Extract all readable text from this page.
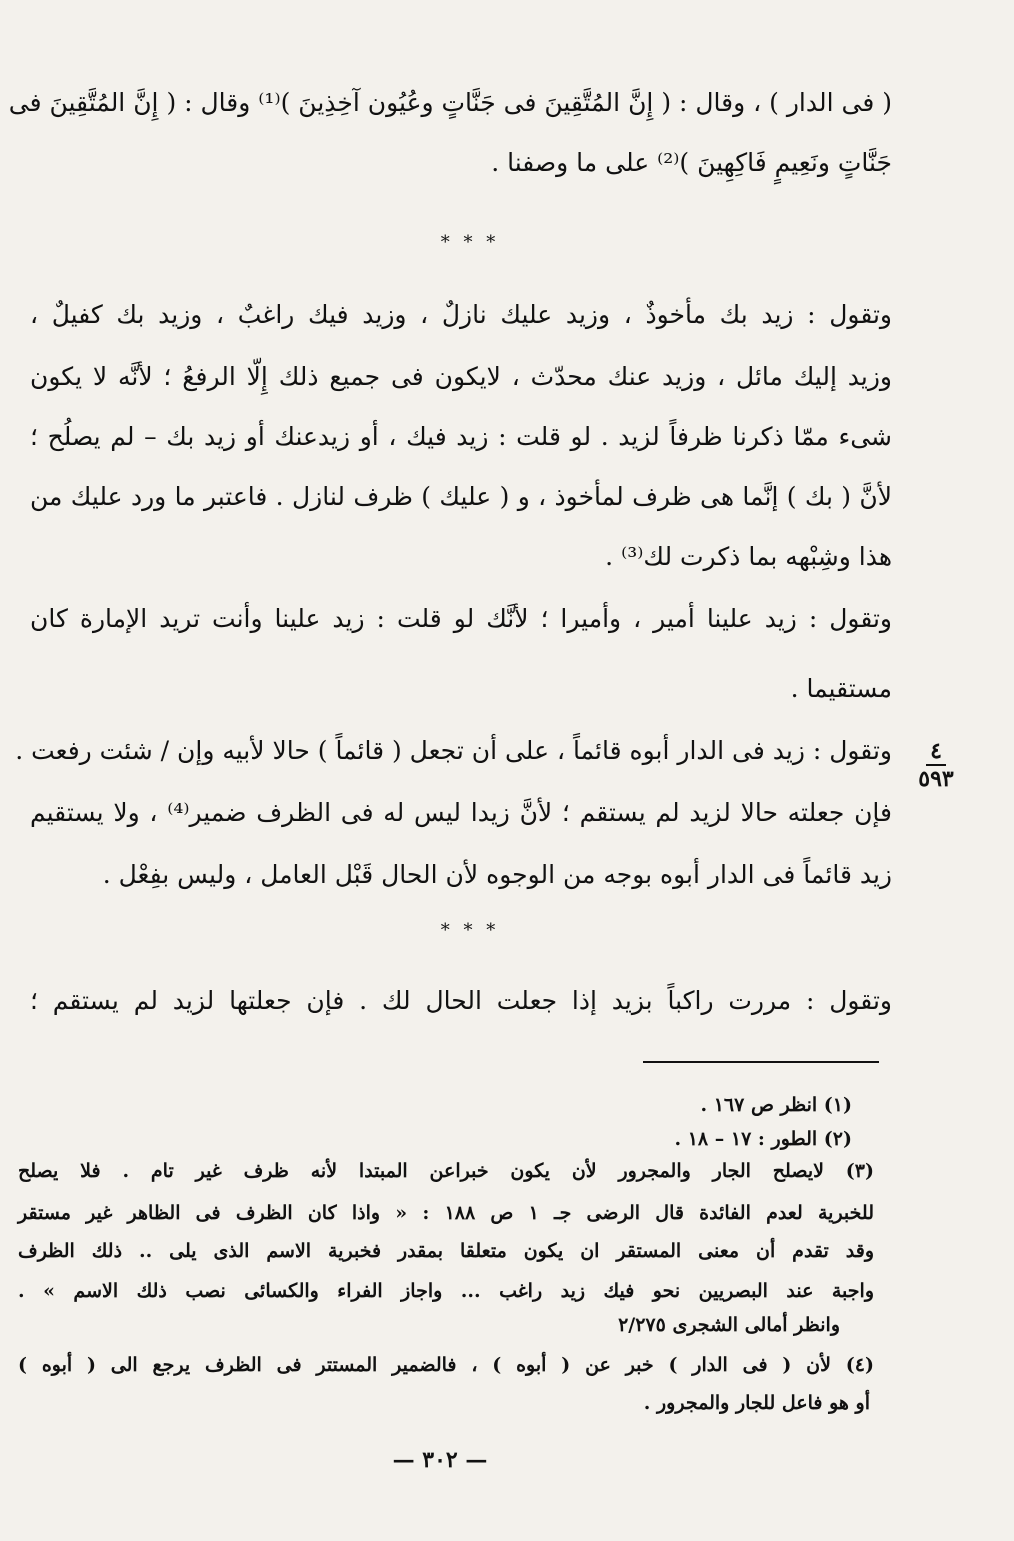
( فى الدار ) ، وقال : ( إِنَّ المُتَّقِينَ فى جَنَّاتٍ وعُيُون آخِذِينَ )⁽¹⁾ وقال : ( إِنَّ المُتَّقِينَ فى
جَنَّاتٍ ونَعِيمٍ فَاكِهِينَ )⁽²⁾ على ما وصفنا .
* * *
وتقول : زيد بك مأخوذٌ ، وزيد عليك نازلٌ ، وزيد فيك راغبٌ ، وزيد بك كفيلٌ ،
وزيد إليك مائل ، وزيد عنك محدّث ، لايكون فى جميع ذلك إِلّا الرفعُ ؛ لأنَّه لا يكون
شىء ممّا ذكرنا ظرفاً لزيد . لو قلت : زيد فيك ، أو زيدعنك أو زيد بك – لم يصلُح ؛
لأنَّ ( بك ) إنَّما هى ظرف لمأخوذ ، و ( عليك ) ظرف لنازل . فاعتبر ما ورد عليك من
هذا وشِبْهه بما ذكرت لك⁽³⁾ .
وتقول : زيد علينا أمير ، وأميرا ؛ لأنَّك لو قلت : زيد علينا وأنت تريد الإمارة كان
مستقيما .
وتقول : زيد فى الدار أبوه قائماً ، على أن تجعل ( قائماً ) حالا لأبيه وإن / شئت رفعت .
فإن جعلته حالا لزيد لم يستقم ؛ لأنَّ زيدا ليس له فى الظرف ضمير⁽⁴⁾ ، ولا يستقيم
زيد قائماً فى الدار أبوه بوجه من الوجوه لأن الحال قَبْل العامل ، وليس بفِعْل .
٤
٥٩٣
* * *
وتقول : مررت راكباً بزيد إذا جعلت الحال لك . فإن جعلتها لزيد لم يستقم ؛
(١) انظر ص ١٦٧ .
(٢) الطور : ١٧ – ١٨ .
(٣) لايصلح الجار والمجرور لأن يكون خبراعن المبتدا لأنه ظرف غير تام . فلا يصلح
للخبرية لعدم الفائدة قال الرضى جـ ١ ص ١٨٨ : « واذا كان الظرف فى الظاهر غير مستقر
وقد تقدم أن معنى المستقر ان يكون متعلقا بمقدر فخبرية الاسم الذى يلى .. ذلك الظرف
واجبة عند البصريين نحو فيك زيد راغب ... واجاز الفراء والكسائى نصب ذلك الاسم » .
وانظر أمالى الشجرى ٢/٢٧٥
(٤) لأن ( فى الدار ) خبر عن ( أبوه ) ، فالضمير المستتر فى الظرف يرجع الى ( أبوه )
أو هو فاعل للجار والمجرور .
— ٣٠٢ —
